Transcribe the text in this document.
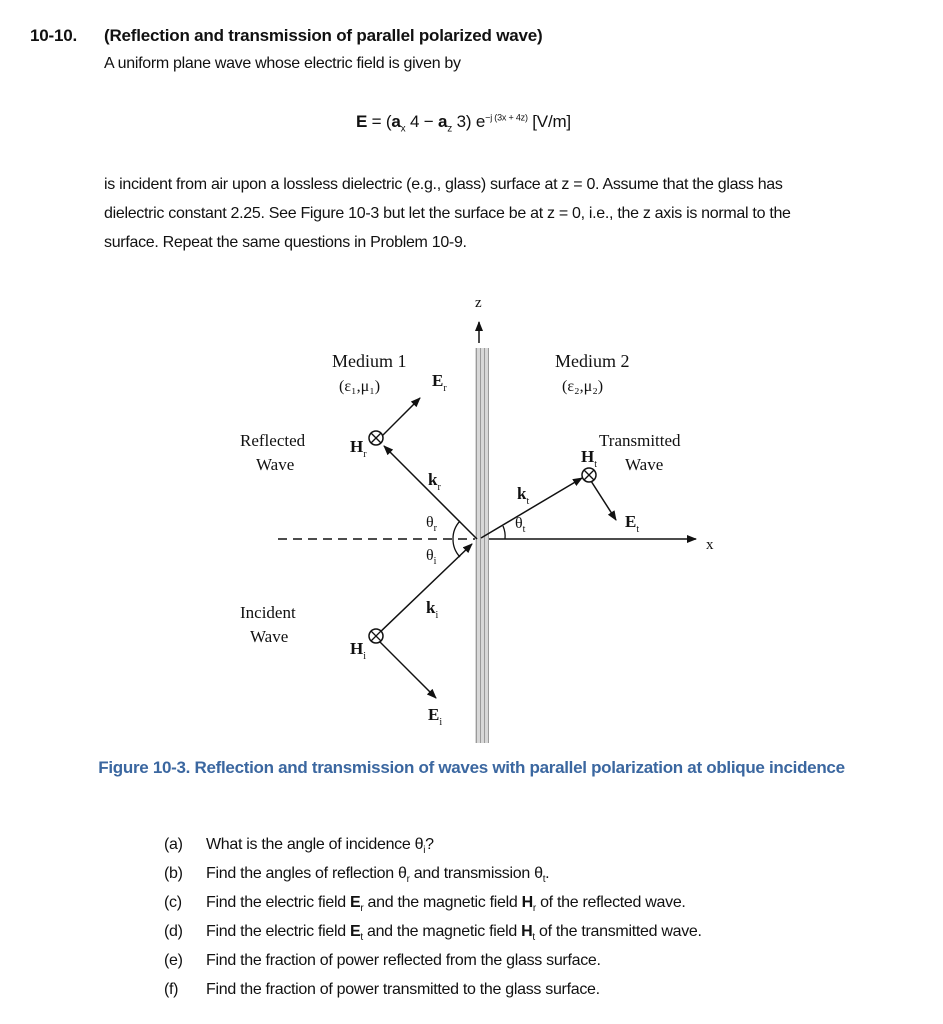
10-10. (Reflection and transmission of parallel polarized wave)
A uniform plane wave whose electric field is given by
$E = (a_x$ $4 - a_z$ 3) $e^{-j (3x + 4z)}$ [V/m]
is incident from air upon a lossless dielectric (e.g., glass) surface at z = 0. Assume that the glass has
dielectric constant 2.25. See Figure 10-3 but let the surface be at z = 0, i.e., the z axis is normal to the
surface. Repeat the same questions in Problem 10-9.
z
x
Medium 1
(ε₁,μ₁)
Medium 2
(ε₂,μ₂)
Reflected
Wave
$H_r$
$E_r$
$k_r$
Incident
Wave
$H_i$
$k_i$
$E_i$
$\theta_r$
$\theta_i$
$\theta_t$
$k_t$
$H_t$
$E_t$
Transmitted
Wave
Figure 10-3. Reflection and transmission of waves with parallel polarization at oblique incidence
(a)	What is the angle of incidence $\theta_i$?
(b)	Find the angles of reflection $\theta_r$ and transmission $\theta_t$.
(c)	Find the electric field $E_r$ and the magnetic field $H_r$ of the reflected wave.
(d)	Find the electric field $E_t$ and the magnetic field $H_t$ of the transmitted wave.
(e)	Find the fraction of power reflected from the glass surface.
(f)	Find the fraction of power transmitted to the glass surface.
